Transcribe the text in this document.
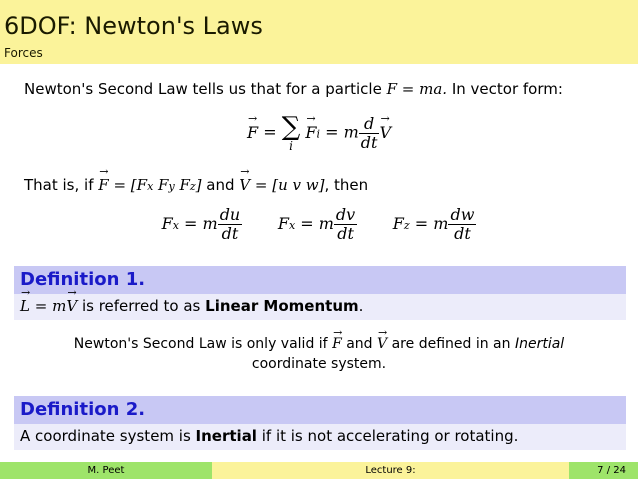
6DOF: Newton's Laws
Forces
Newton's Second Law tells us that for a particle F = ma. In vector form:
→ F = ∑
i
→ Fi = m $\frac{d}{dt}$
→ V
That is, if → F = [Fx Fy Fz] and → V = [u v w], then
Fx = m $\frac{du}{dt}$ Fx = m $\frac{dv}{dt}$ Fz = m $\frac{dw}{dt}$
Definition 1.
→ L = m→ V is referred to as Linear Momentum.
Newton's Second Law is only valid if → F and → V are defined in an Inertial
coordinate system.
Definition 2.
A coordinate system is Inertial if it is not accelerating or rotating.
M. Peet	Lecture 9:	7 / 24
